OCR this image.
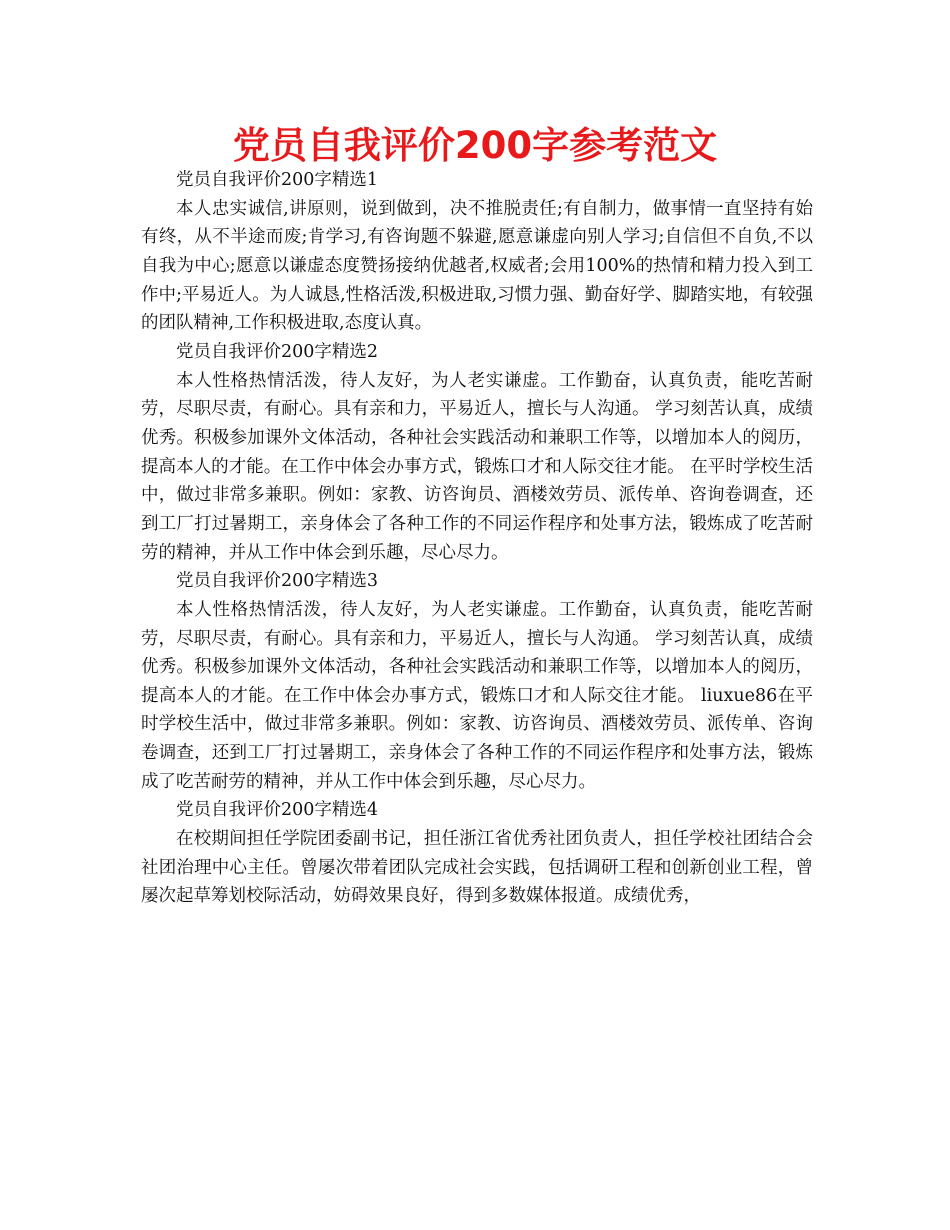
党员自我评价200字参考范文

党员自我评价200字精选1

本人忠实诚信,讲原则，说到做到，决不推脱责任;有自制力，做事情一直坚持有始有终，从不半途而废;肯学习,有咨询题不躲避,愿意谦虚向别人学习;自信但不自负,不以自我为中心;愿意以谦虚态度赞扬接纳优越者,权威者;会用100%的热情和精力投入到工作中;平易近人。为人诚恳,性格活泼,积极进取,习惯力强、勤奋好学、脚踏实地，有较强的团队精神,工作积极进取,态度认真。

党员自我评价200字精选2

本人性格热情活泼，待人友好，为人老实谦虚。工作勤奋，认真负责，能吃苦耐劳，尽职尽责，有耐心。具有亲和力，平易近人，擅长与人沟通。 学习刻苦认真，成绩优秀。积极参加课外文体活动，各种社会实践活动和兼职工作等，以增加本人的阅历，提高本人的才能。在工作中体会办事方式，锻炼口才和人际交往才能。 在平时学校生活中，做过非常多兼职。例如：家教、访咨询员、酒楼效劳员、派传单、咨询卷调查，还到工厂打过暑期工，亲身体会了各种工作的不同运作程序和处事方法，锻炼成了吃苦耐劳的精神，并从工作中体会到乐趣，尽心尽力。

党员自我评价200字精选3

本人性格热情活泼，待人友好，为人老实谦虚。工作勤奋，认真负责，能吃苦耐劳，尽职尽责，有耐心。具有亲和力，平易近人，擅长与人沟通。 学习刻苦认真，成绩优秀。积极参加课外文体活动，各种社会实践活动和兼职工作等，以增加本人的阅历，提高本人的才能。在工作中体会办事方式，锻炼口才和人际交往才能。 liuxue86在平时学校生活中，做过非常多兼职。例如：家教、访咨询员、酒楼效劳员、派传单、咨询卷调查，还到工厂打过暑期工，亲身体会了各种工作的不同运作程序和处事方法，锻炼成了吃苦耐劳的精神，并从工作中体会到乐趣，尽心尽力。

党员自我评价200字精选4

在校期间担任学院团委副书记，担任浙江省优秀社团负责人，担任学校社团结合会社团治理中心主任。曾屡次带着团队完成社会实践，包括调研工程和创新创业工程，曾屡次起草筹划校际活动，妨碍效果良好，得到多数媒体报道。成绩优秀，
